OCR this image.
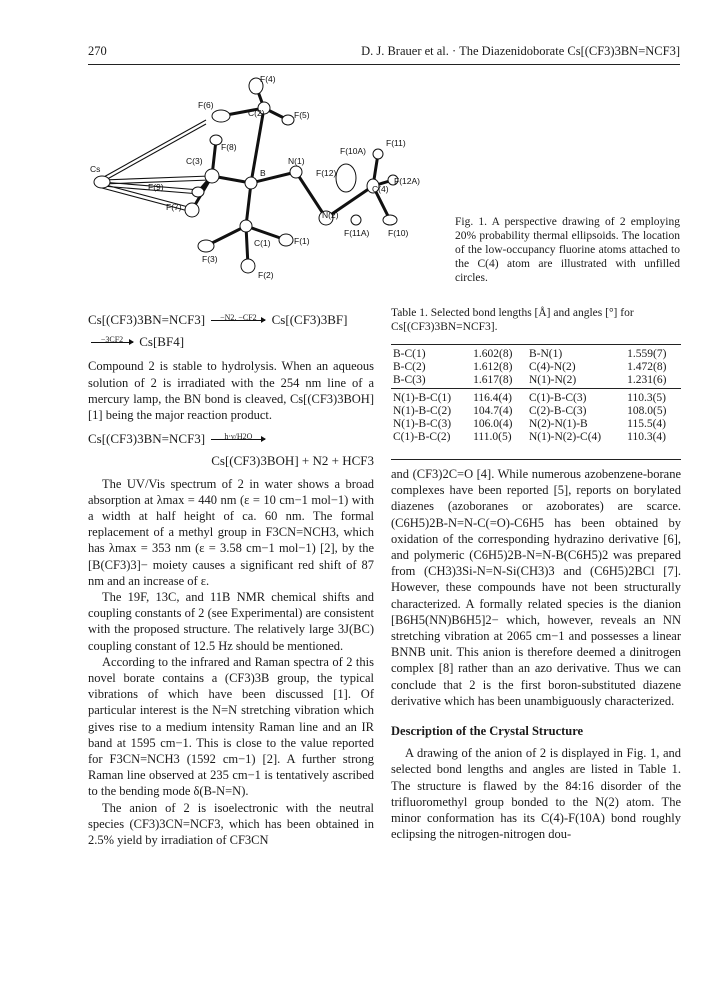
270	D. J. Brauer et al. · The Diazenidoborate Cs[(CF3)3BN=NCF3]
F(4)
F(6)
C(2)	F(5)
F(8)
C(3)	N(1)
F(10A)
F(11)
Cs	B	F(12)
F(9)
F(12A)
C(4)
F(7)
N(2)
C(1)
F(11A)
F(1)
F(10)
F(3)
F(2)
Fig. 1. A perspective drawing of 2 employing 20% probability thermal ellipsoids. The location of the low-occupancy fluorine atoms attached to the C(4) atom are illustrated with unfilled circles.
Cs[(CF3)3BN=NCF3]	−N2, −CF2	Cs[(CF3)3BF]
−3CF2	Cs[BF4]

Compound 2 is stable to hydrolysis. When an aqueous solution of 2 is irradiated with the 254 nm line of a mercury lamp, the BN bond is cleaved, Cs[(CF3)3BOH] [1] being the major reaction product.

Cs[(CF3)3BN=NCF3]	h·ν/H2O
Cs[(CF3)3BOH] + N2 + HCF3

The UV/Vis spectrum of 2 in water shows a broad absorption at λmax = 440 nm (ε = 10 cm−1 mol−1) with a width at half height of ca. 60 nm. The formal replacement of a methyl group in F3CN=NCH3, which has λmax = 353 nm (ε = 3.58 cm−1 mol−1) [2], by the [B(CF3)3]− moiety causes a significant red shift of 87 nm and an increase of ε.

The 19F, 13C, and 11B NMR chemical shifts and coupling constants of 2 (see Experimental) are consistent with the proposed structure. The relatively large 3J(BC) coupling constant of 12.5 Hz should be mentioned.

According to the infrared and Raman spectra of 2 this novel borate contains a (CF3)3B group, the typical vibrations of which have been discussed [1]. Of particular interest is the N=N stretching vibration which gives rise to a medium intensity Raman line and an IR band at 1595 cm−1. This is close to the value reported for F3CN=NCH3 (1592 cm−1) [2]. A further strong Raman line observed at 235 cm−1 is tentatively ascribed to the bending mode δ(B-N=N).

The anion of 2 is isoelectronic with the neutral species (CF3)3CN=NCF3, which has been obtained in 2.5% yield by irradiation of CF3CN

Table 1. Selected bond lengths [Å] and angles [°] for Cs[(CF3)3BN=NCF3].
B-C(1)	1.602(8)	B-N(1)	1.559(7)
B-C(2)	1.612(8)	C(4)-N(2)	1.472(8)
B-C(3)	1.617(8)	N(1)-N(2)	1.231(6)
N(1)-B-C(1)	116.4(4)	C(1)-B-C(3)	110.3(5)
N(1)-B-C(2)	104.7(4)	C(2)-B-C(3)	108.0(5)
N(1)-B-C(3)	106.0(4)	N(2)-N(1)-B	115.5(4)
C(1)-B-C(2)	111.0(5)	N(1)-N(2)-C(4)	110.3(4)

and (CF3)2C=O [4]. While numerous azobenzene-borane complexes have been reported [5], reports on borylated diazenes (azoboranes or azoborates) are scarce. (C6H5)2B-N=N-C(=O)-C6H5 has been obtained by oxidation of the corresponding hydrazino derivative [6], and polymeric (C6H5)2B-N=N-B(C6H5)2 was prepared from (CH3)3Si-N=N-Si(CH3)3 and (C6H5)2BCl [7]. However, these compounds have not been structurally characterized. A formally related species is the dianion [B6H5(NN)B6H5]2− which, however, reveals an NN stretching vibration at 2065 cm−1 and possesses a linear BNNB unit. This anion is therefore deemed a dinitrogen complex [8] rather than an azo derivative. Thus we can conclude that 2 is the first boron-substituted diazene derivative which has been unambiguously characterized.

Description of the Crystal Structure

A drawing of the anion of 2 is displayed in Fig. 1, and selected bond lengths and angles are listed in Table 1. The structure is flawed by the 84:16 disorder of the trifluoromethyl group bonded to the N(2) atom. The minor conformation has its C(4)-F(10A) bond roughly eclipsing the nitrogen-nitrogen dou-
